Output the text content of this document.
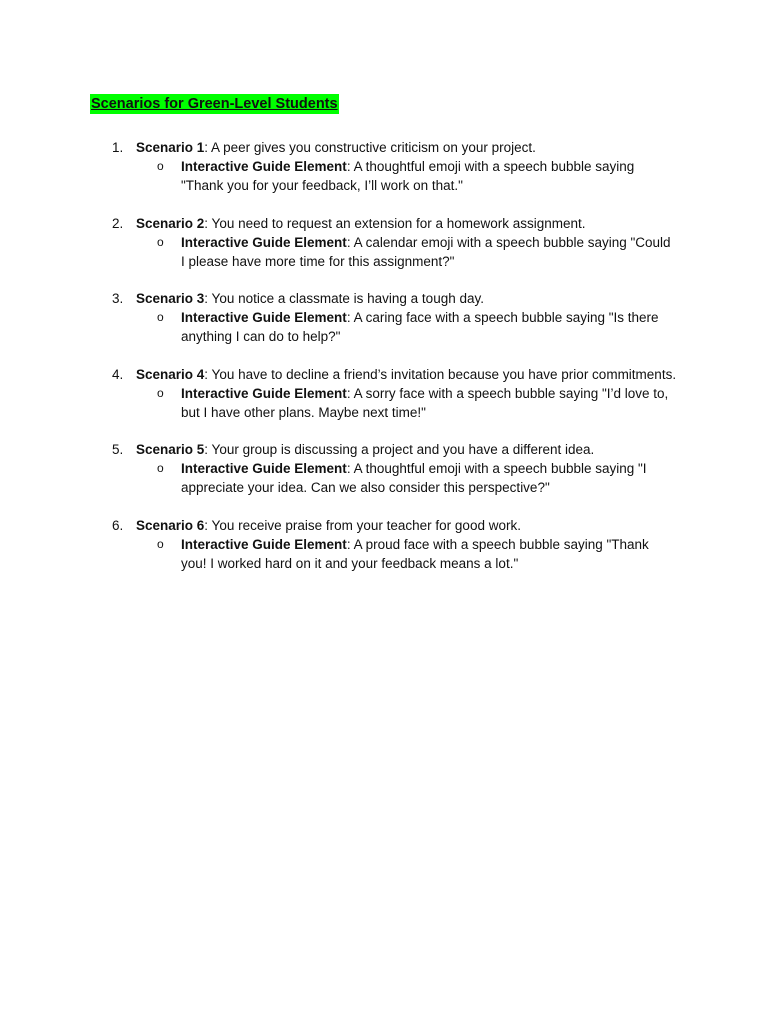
Scenarios for Green-Level Students
1. Scenario 1: A peer gives you constructive criticism on your project.
o Interactive Guide Element: A thoughtful emoji with a speech bubble saying "Thank you for your feedback, I’ll work on that."
2. Scenario 2: You need to request an extension for a homework assignment.
o Interactive Guide Element: A calendar emoji with a speech bubble saying "Could I please have more time for this assignment?"
3. Scenario 3: You notice a classmate is having a tough day.
o Interactive Guide Element: A caring face with a speech bubble saying "Is there anything I can do to help?"
4. Scenario 4: You have to decline a friend’s invitation because you have prior commitments.
o Interactive Guide Element: A sorry face with a speech bubble saying "I’d love to, but I have other plans. Maybe next time!"
5. Scenario 5: Your group is discussing a project and you have a different idea.
o Interactive Guide Element: A thoughtful emoji with a speech bubble saying "I appreciate your idea. Can we also consider this perspective?"
6. Scenario 6: You receive praise from your teacher for good work.
o Interactive Guide Element: A proud face with a speech bubble saying "Thank you! I worked hard on it and your feedback means a lot."
